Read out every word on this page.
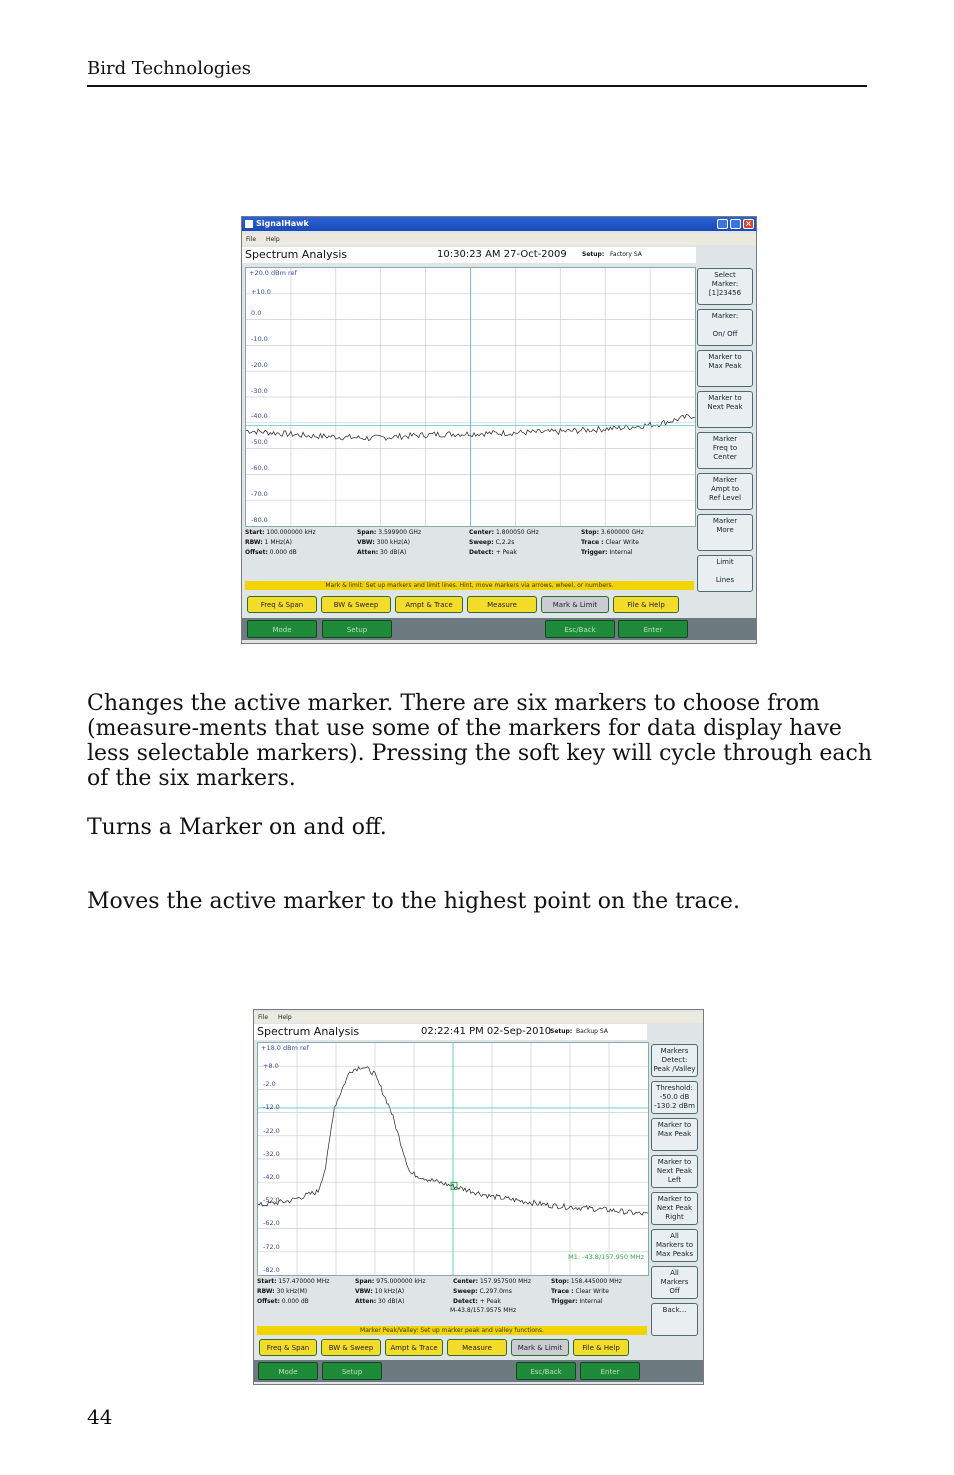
Bird Technologies
SignalHawk	×
File Help
Spectrum Analysis	10:30:23 AM 27-Oct-2009	Setup: Factory SA
+20.0 dBm ref
+10.0
0.0
-10.0
-20.0
-30.0
-40.0
-50.0
-60.0
-70.0
-80.0
Mark & limit: Set up markers and limit lines. Hint, move markers via arrows, wheel, or numbers.
Freq & Span	BW & Sweep	Ampt & Trace	Measure	Mark & Limit	File & Help
Mode	Setup	Esc/Back	Enter
Start: 100.000000 kHz	Span: 3.599900 GHz	Center: 1.800050 GHz	Stop: 3.600000 GHz
RBW: 1 MHz(A)	VBW: 300 kHz(A)	Sweep: C,2.2s	Trace : Clear Write
Offset: 0.000 dB	Atten: 30 dB(A)	Detect: + Peak	Trigger: Internal
Select
Marker:
[1]23456
Marker:

On/ Off
Marker to
Max Peak
Marker to
Next Peak
Marker
Freq to
Center
Marker
Ampt to
Ref Level
Marker
More
Limit

Lines
Changes the active marker. There are six markers to choose from (measure-ments that use some of the markers for data display have less selectable markers). Pressing the soft key will cycle through each of the six markers.
Turns a Marker on and off.
Moves the active marker to the highest point on the trace.
File Help
Spectrum Analysis	02:22:41 PM 02-Sep-2010
Setup: Backup SA
+18.0 dBm ref
M1: -43.8/157.950 MHz
+8.0
-2.0
-12.0
-22.0
-32.0
-42.0
-52.0
-62.0
-72.0
-82.0
M-43.8/157.9575 MHz
Marker Peak/Valley: Set up marker peak and valley functions.
Freq & Span	BW & Sweep	Ampt & Trace	Measure	Mark & Limit	File & Help
Mode	Setup	Esc/Back	Enter
Start: 157.470000 MHz	Span: 975.000000 kHz	Center: 157.957500 MHz	Stop: 158.445000 MHz
RBW: 30 kHz(M)	VBW: 10 kHz(A)	Sweep: C,297.0ms	Trace : Clear Write
Offset: 0.000 dB	Atten: 30 dB(A)	Detect: + Peak	Trigger: Internal
Markers
Detect:
Peak /Valley
Threshold:
-50.0 dB
-130.2 dBm
Marker to
Max Peak
Marker to
Next Peak
Left
Marker to
Next Peak
Right
All
Markers to
Max Peaks
All
Markers
Off
Back...
44
